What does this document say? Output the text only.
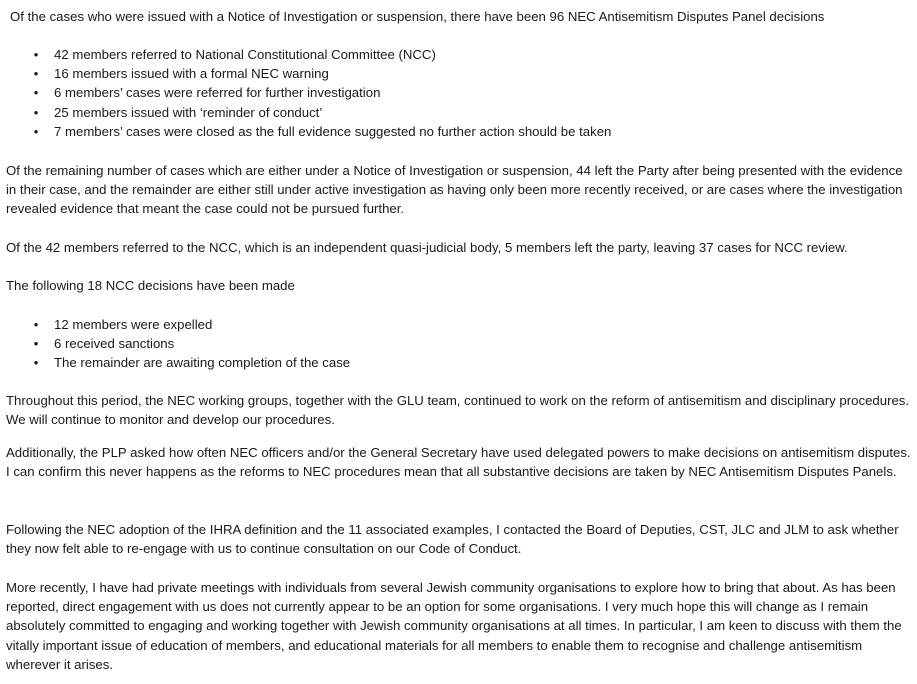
Of the cases who were issued with a Notice of Investigation or suspension, there have been 96 NEC Antisemitism Disputes Panel decisions

• 42 members referred to National Constitutional Committee (NCC)
• 16 members issued with a formal NEC warning
• 6 members’ cases were referred for further investigation
• 25 members issued with ‘reminder of conduct’
• 7 members’ cases were closed as the full evidence suggested no further action should be taken

Of the remaining number of cases which are either under a Notice of Investigation or suspension, 44 left the Party after being presented with the evidence in their case, and the remainder are either still under active investigation as having only been more recently received, or are cases where the investigation revealed evidence that meant the case could not be pursued further.

Of the 42 members referred to the NCC, which is an independent quasi-judicial body, 5 members left the party, leaving 37 cases for NCC review.

The following 18 NCC decisions have been made

• 12 members were expelled
• 6 received sanctions
• The remainder are awaiting completion of the case

Throughout this period, the NEC working groups, together with the GLU team, continued to work on the reform of antisemitism and disciplinary procedures. We will continue to monitor and develop our procedures.

Additionally, the PLP asked how often NEC officers and/or the General Secretary have used delegated powers to make decisions on antisemitism disputes. I can confirm this never happens as the reforms to NEC procedures mean that all substantive decisions are taken by NEC Antisemitism Disputes Panels.

Following the NEC adoption of the IHRA definition and the 11 associated examples, I contacted the Board of Deputies, CST, JLC and JLM to ask whether they now felt able to re-engage with us to continue consultation on our Code of Conduct.

More recently, I have had private meetings with individuals from several Jewish community organisations to explore how to bring that about. As has been reported, direct engagement with us does not currently appear to be an option for some organisations. I very much hope this will change as I remain absolutely committed to engaging and working together with Jewish community organisations at all times. In particular, I am keen to discuss with them the vitally important issue of education of members, and educational materials for all members to enable them to recognise and challenge antisemitism wherever it arises.
